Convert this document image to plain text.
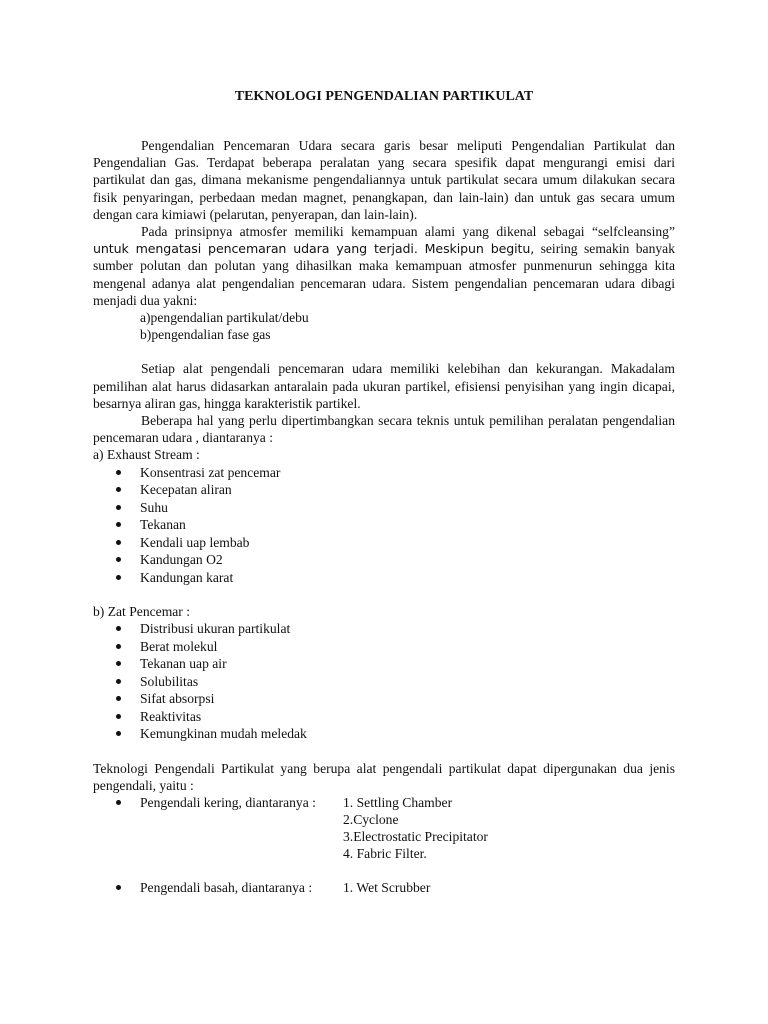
TEKNOLOGI PENGENDALIAN PARTIKULAT

Pengendalian Pencemaran Udara secara garis besar meliputi Pengendalian Partikulat dan Pengendalian Gas. Terdapat beberapa peralatan yang secara spesifik dapat mengurangi emisi dari partikulat dan gas, dimana mekanisme pengendaliannya untuk partikulat secara umum dilakukan secara fisik penyaringan, perbedaan medan magnet, penangkapan, dan lain-lain) dan untuk gas secara umum dengan cara kimiawi (pelarutan, penyerapan, dan lain-lain).

Pada prinsipnya atmosfer memiliki kemampuan alami yang dikenal sebagai “selfcleansing” untuk mengatasi pencemaran udara yang terjadi. Meskipun begitu, seiring semakin banyak sumber polutan dan polutan yang dihasilkan maka kemampuan atmosfer punmenurun sehingga kita mengenal adanya alat pengendalian pencemaran udara. Sistem pengendalian pencemaran udara dibagi menjadi dua yakni:

a)pengendalian partikulat/debu

b)pengendalian fase gas

Setiap alat pengendali pencemaran udara memiliki kelebihan dan kekurangan. Makadalam pemilihan alat harus didasarkan antaralain pada ukuran partikel, efisiensi penyisihan yang ingin dicapai, besarnya aliran gas, hingga karakteristik partikel.

Beberapa hal yang perlu dipertimbangkan secara teknis untuk pemilihan peralatan pengendalian pencemaran udara , diantaranya :

a) Exhaust Stream :

Konsentrasi zat pencemar
Kecepatan aliran
Suhu
Tekanan
Kendali uap lembab
Kandungan O2
Kandungan karat

b) Zat Pencemar :

Distribusi ukuran partikulat
Berat molekul
Tekanan uap air
Solubilitas
Sifat absorpsi
Reaktivitas
Kemungkinan mudah meledak

Teknologi Pengendali Partikulat yang berupa alat pengendali partikulat dapat dipergunakan dua jenis pengendali, yaitu :

Pengendali kering, diantaranya : 1. Settling Chamber
2.Cyclone
3.Electrostatic Precipitator
4. Fabric Filter.
Pengendali basah, diantaranya : 1. Wet Scrubber
